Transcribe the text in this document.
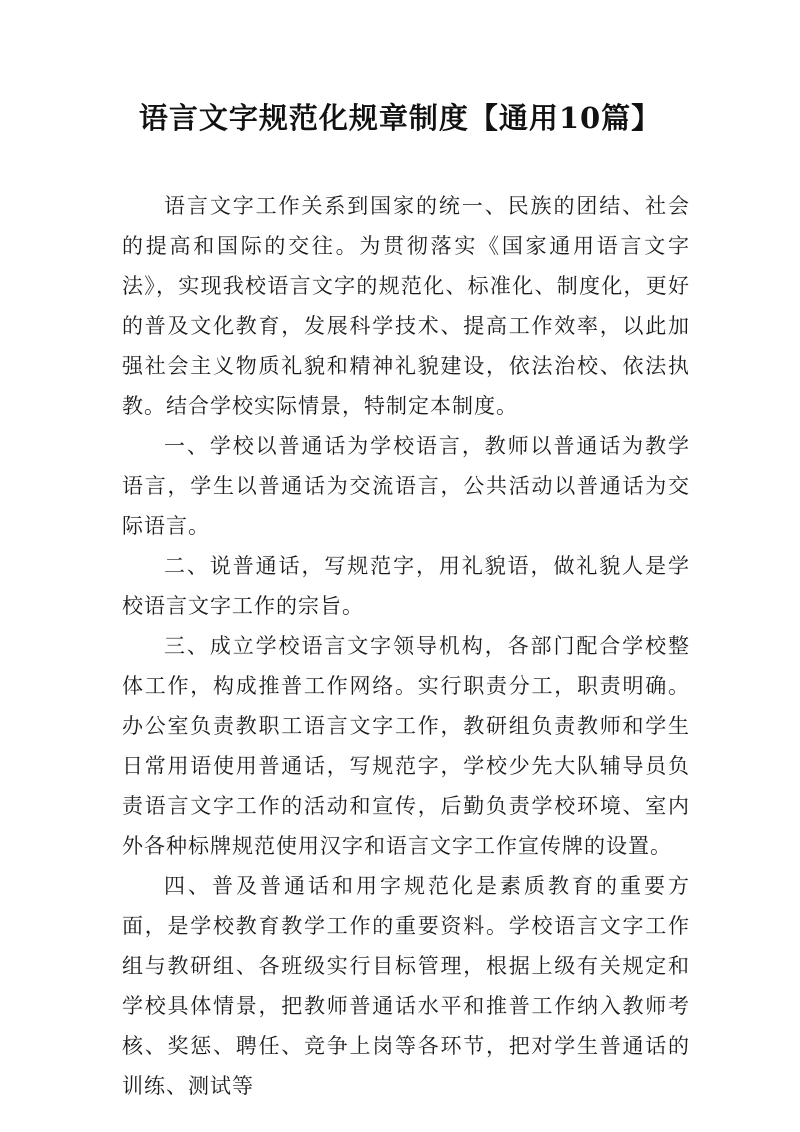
语言文字规范化规章制度【通用10篇】

语言文字工作关系到国家的统一、民族的团结、社会的提高和国际的交往。为贯彻落实《国家通用语言文字法》，实现我校语言文字的规范化、标准化、制度化，更好的普及文化教育，发展科学技术、提高工作效率，以此加强社会主义物质礼貌和精神礼貌建设，依法治校、依法执教。结合学校实际情景，特制定本制度。

一、学校以普通话为学校语言，教师以普通话为教学语言，学生以普通话为交流语言，公共活动以普通话为交际语言。

二、说普通话，写规范字，用礼貌语，做礼貌人是学校语言文字工作的宗旨。

三、成立学校语言文字领导机构，各部门配合学校整体工作，构成推普工作网络。实行职责分工，职责明确。办公室负责教职工语言文字工作，教研组负责教师和学生日常用语使用普通话，写规范字，学校少先大队辅导员负责语言文字工作的活动和宣传，后勤负责学校环境、室内外各种标牌规范使用汉字和语言文字工作宣传牌的设置。

四、普及普通话和用字规范化是素质教育的重要方面，是学校教育教学工作的重要资料。学校语言文字工作组与教研组、各班级实行目标管理，根据上级有关规定和学校具体情景，把教师普通话水平和推普工作纳入教师考核、奖惩、聘任、竞争上岗等各环节，把对学生普通话的训练、测试等
